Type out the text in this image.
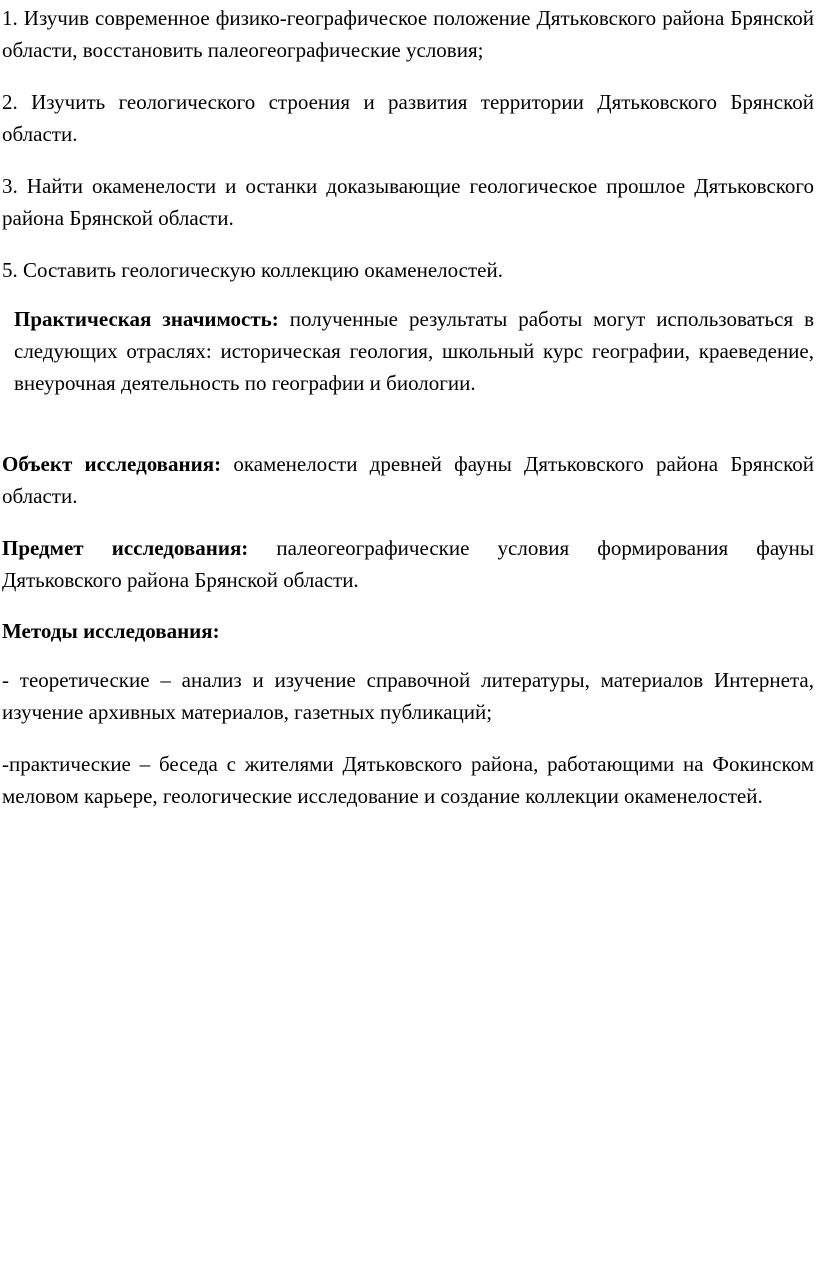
1. Изучив современное физико-географическое положение Дятьковского района Брянской области, восстановить палеогеографические условия;

2. Изучить геологического строения и развития территории Дятьковского Брянской области.

3. Найти окаменелости и останки доказывающие геологическое прошлое Дятьковского района Брянской области.

5. Составить геологическую коллекцию окаменелостей.

Практическая значимость: полученные результаты работы могут использоваться в следующих отраслях: историческая геология, школьный курс географии, краеведение, внеурочная деятельность по географии и биологии.

Объект исследования: окаменелости древней фауны Дятьковского района Брянской области.

Предмет исследования: палеогеографические условия формирования фауны Дятьковского района Брянской области.

Методы исследования:

- теоретические – анализ и изучение справочной литературы, материалов Интернета, изучение архивных материалов, газетных публикаций;

-практические – беседа с жителями Дятьковского района, работающими на Фокинском меловом карьере, геологические исследование и создание коллекции окаменелостей.
